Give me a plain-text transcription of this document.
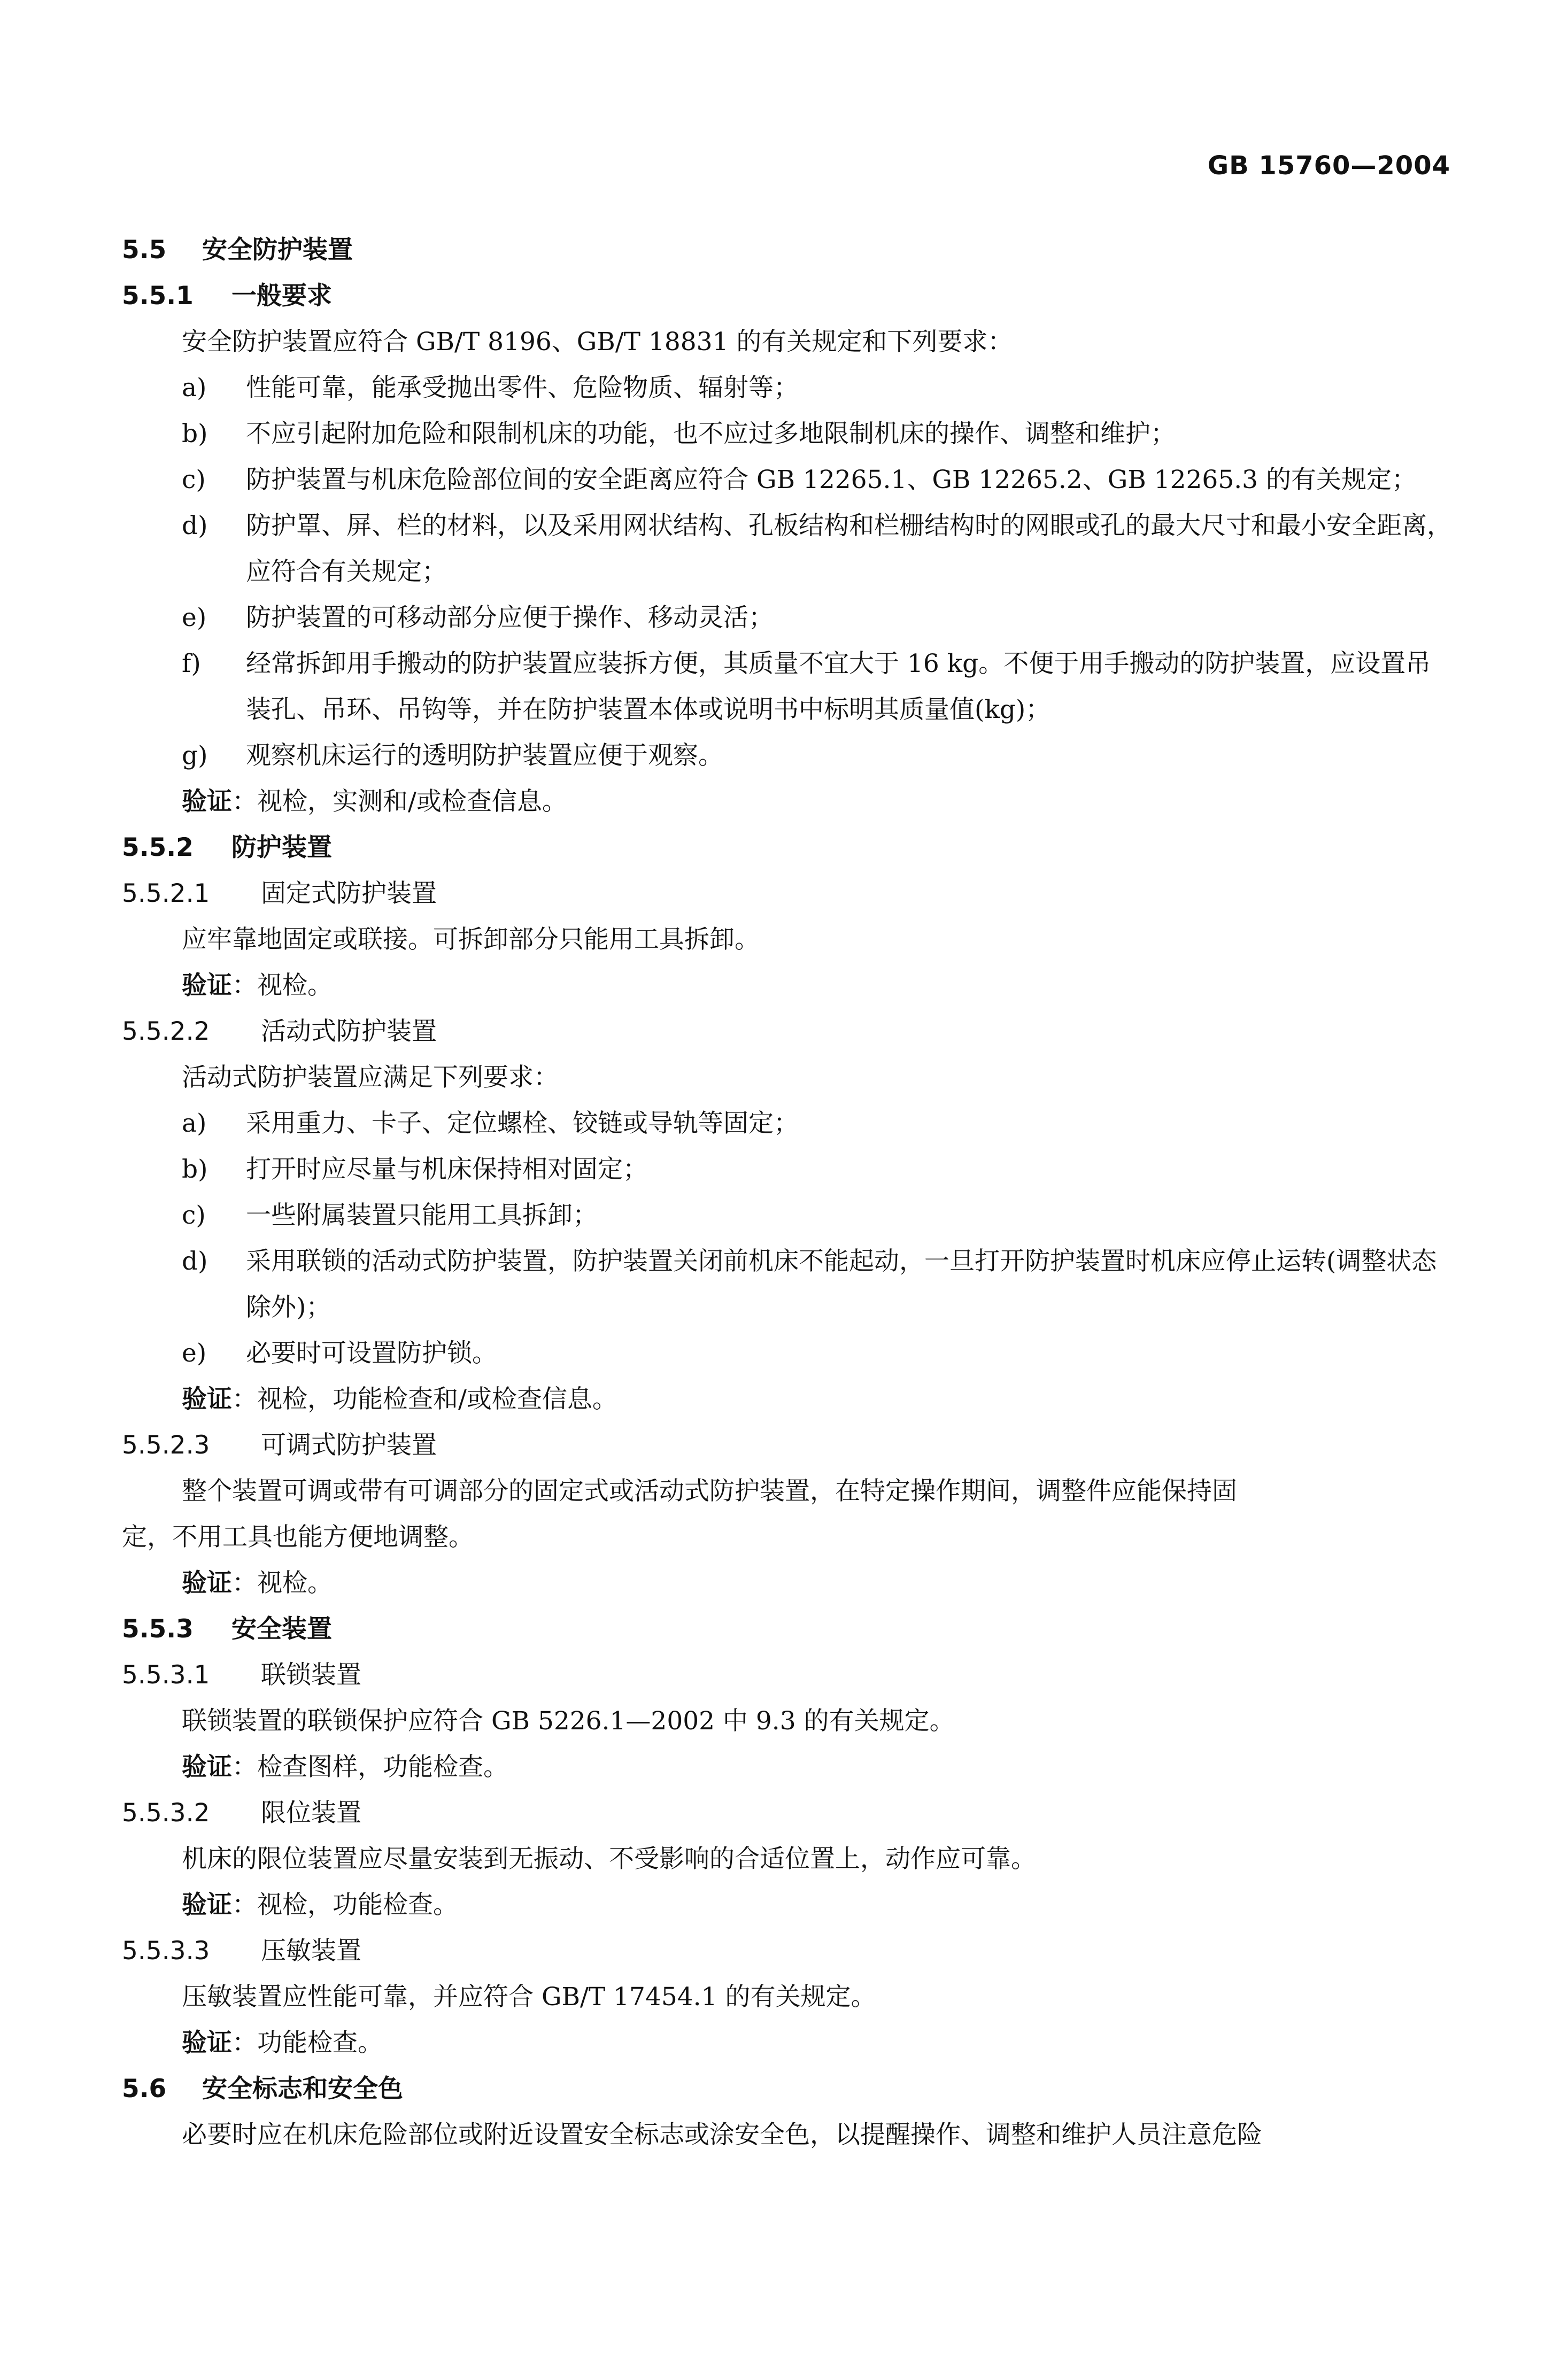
GB 15760—2004
5.5 安全防护装置
5.5.1 一般要求
安全防护装置应符合 GB/T 8196、GB/T 18831 的有关规定和下列要求：
a) 性能可靠，能承受抛出零件、危险物质、辐射等；
b) 不应引起附加危险和限制机床的功能，也不应过多地限制机床的操作、调整和维护；
c) 防护装置与机床危险部位间的安全距离应符合 GB 12265.1、GB 12265.2、GB 12265.3 的有关规定；
d) 防护罩、屏、栏的材料，以及采用网状结构、孔板结构和栏栅结构时的网眼或孔的最大尺寸和最小安全距离，应符合有关规定；
e) 防护装置的可移动部分应便于操作、移动灵活；
f) 经常拆卸用手搬动的防护装置应装拆方便，其质量不宜大于 16 kg。不便于用手搬动的防护装置，应设置吊装孔、吊环、吊钩等，并在防护装置本体或说明书中标明其质量值(kg)；
g) 观察机床运行的透明防护装置应便于观察。
验证：视检，实测和/或检查信息。
5.5.2 防护装置
5.5.2.1 固定式防护装置
应牢靠地固定或联接。可拆卸部分只能用工具拆卸。
验证：视检。
5.5.2.2 活动式防护装置
活动式防护装置应满足下列要求：
a) 采用重力、卡子、定位螺栓、铰链或导轨等固定；
b) 打开时应尽量与机床保持相对固定；
c) 一些附属装置只能用工具拆卸；
d) 采用联锁的活动式防护装置，防护装置关闭前机床不能起动，一旦打开防护装置时机床应停止运转(调整状态除外)；
e) 必要时可设置防护锁。
验证：视检，功能检查和/或检查信息。
5.5.2.3 可调式防护装置
整个装置可调或带有可调部分的固定式或活动式防护装置，在特定操作期间，调整件应能保持固
定，不用工具也能方便地调整。
验证：视检。
5.5.3 安全装置
5.5.3.1 联锁装置
联锁装置的联锁保护应符合 GB 5226.1—2002 中 9.3 的有关规定。
验证：检查图样，功能检查。
5.5.3.2 限位装置
机床的限位装置应尽量安装到无振动、不受影响的合适位置上，动作应可靠。
验证：视检，功能检查。
5.5.3.3 压敏装置
压敏装置应性能可靠，并应符合 GB/T 17454.1 的有关规定。
验证：功能检查。
5.6 安全标志和安全色
必要时应在机床危险部位或附近设置安全标志或涂安全色，以提醒操作、调整和维护人员注意危险
